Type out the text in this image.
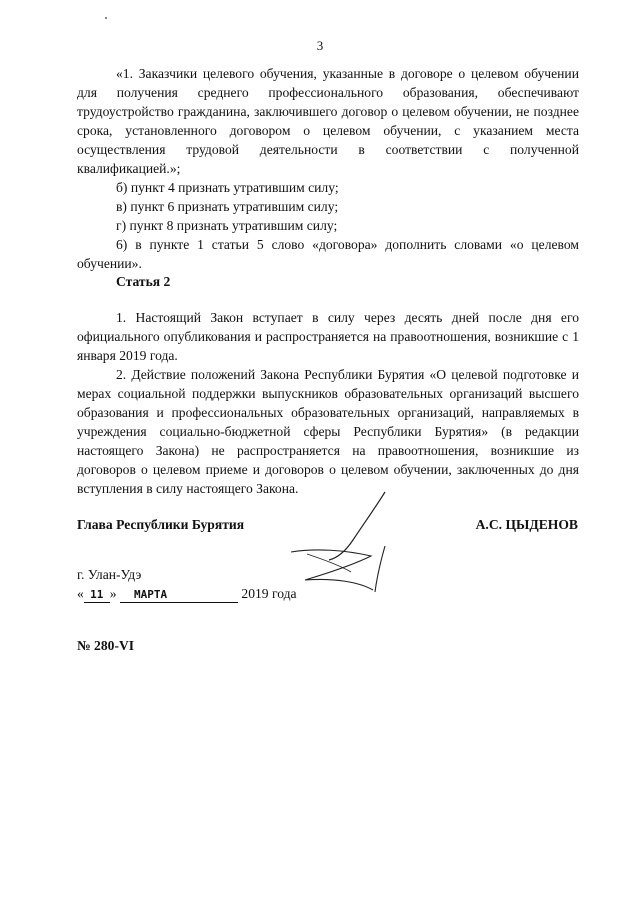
3

«1. Заказчики целевого обучения, указанные в договоре о целевом обучении для получения среднего профессионального образования, обеспечивают трудоустройство гражданина, заключившего договор о целевом обучении, не позднее срока, установленного договором о целевом обучении, с указанием места осуществления трудовой деятельности в соответствии с полученной квалификацией.»;

б) пункт 4 признать утратившим силу;

в) пункт 6 признать утратившим силу;

г) пункт 8 признать утратившим силу;

6) в пункте 1 статьи 5 слово «договора» дополнить словами «о целевом обучении».

Статья 2

1. Настоящий Закон вступает в силу через десять дней после дня его официального опубликования и распространяется на правоотношения, возникшие с 1 января 2019 года.

2. Действие положений Закона Республики Бурятия «О целевой подготовке и мерах социальной поддержки выпускников образовательных организаций высшего образования и профессиональных образовательных организаций, направляемых в учреждения социально-бюджетной сферы Республики Бурятия» (в редакции настоящего Закона) не распространяется на правоотношения, возникшие из договоров о целевом приеме и договоров о целевом обучении, заключенных до дня вступления в силу настоящего Закона.

Глава Республики Бурятия	А.С. ЦЫДЕНОВ
г. Улан-Удэ
« 11 » МАРТА	2019 года
№ 280-VI
